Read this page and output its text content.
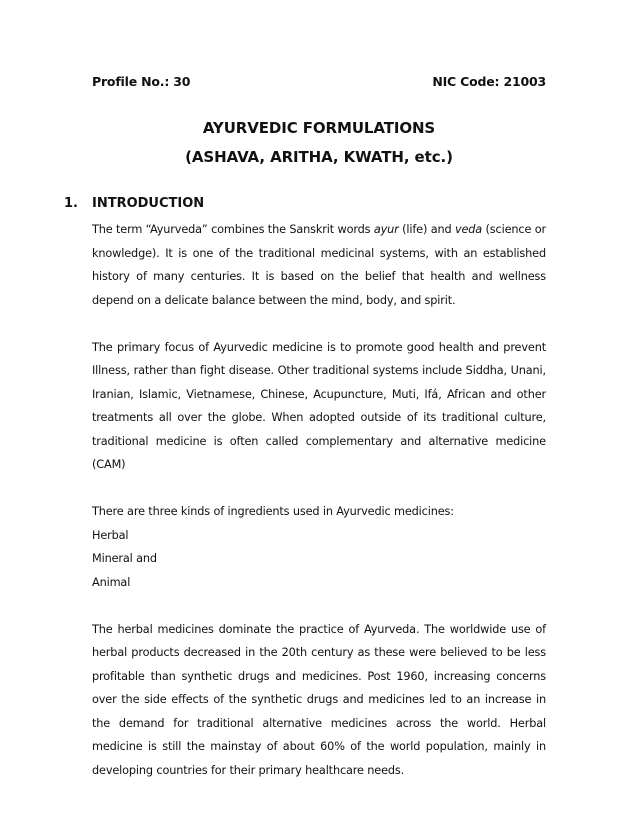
Profile No.: 30	NIC Code: 21003
AYURVEDIC FORMULATIONS
(ASHAVA, ARITHA, KWATH, etc.)
1. INTRODUCTION

The term “Ayurveda” combines the Sanskrit words ayur (life) and veda (science or knowledge). It is one of the traditional medicinal systems, with an established history of many centuries. It is based on the belief that health and wellness depend on a delicate balance between the mind, body, and spirit.

The primary focus of Ayurvedic medicine is to promote good health and prevent Illness, rather than fight disease. Other traditional systems include Siddha, Unani, Iranian, Islamic, Vietnamese, Chinese, Acupuncture, Muti, Ifá, African and other treatments all over the globe. When adopted outside of its traditional culture, traditional medicine is often called complementary and alternative medicine (CAM)

There are three kinds of ingredients used in Ayurvedic medicines:

Herbal

Mineral and

Animal

The herbal medicines dominate the practice of Ayurveda. The worldwide use of herbal products decreased in the 20th century as these were believed to be less profitable than synthetic drugs and medicines. Post 1960, increasing concerns over the side effects of the synthetic drugs and medicines led to an increase in the demand for traditional alternative medicines across the world. Herbal medicine is still the mainstay of about 60% of the world population, mainly in developing countries for their primary healthcare needs.
